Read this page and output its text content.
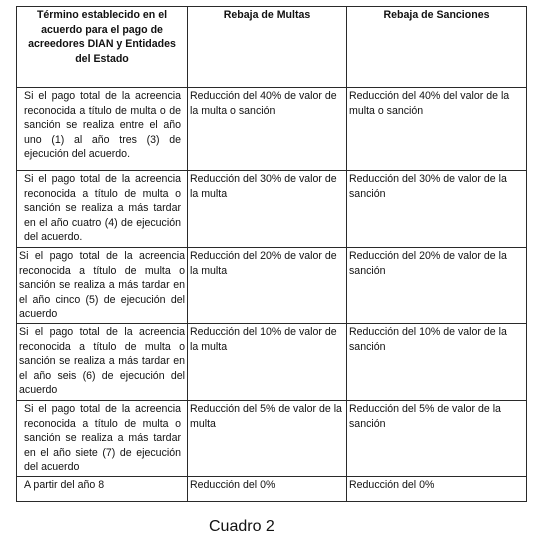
Término establecido en el acuerdo para el pago de acreedores DIAN y Entidades del Estado	Rebaja de Multas	Rebaja de Sanciones
Si el pago total de la acreencia reconocida a título de multa o de sanción se realiza entre el año uno (1) al año tres (3) de ejecución del acuerdo.	Reducción del 40% de valor de la multa o sanción	Reducción del 40% del valor de la multa o sanción
Si el pago total de la acreencia reconocida a título de multa o sanción se realiza a más tardar en el año cuatro (4) de ejecución del acuerdo.	Reducción del 30% de valor de la multa	Reducción del 30% de valor de la sanción
Si el pago total de la acreencia reconocida a título de multa o sanción se realiza a más tardar en el año cinco (5) de ejecución del acuerdo	Reducción del 20% de valor de la multa	Reducción del 20% de valor de la sanción
Si el pago total de la acreencia reconocida a título de multa o sanción se realiza a más tardar en el año seis (6) de ejecución del acuerdo	Reducción del 10% de valor de la multa	Reducción del 10% de valor de la sanción
Si el pago total de la acreencia reconocida a título de multa o sanción se realiza a más tardar en el año siete (7) de ejecución del acuerdo	Reducción del 5% de valor de la multa	Reducción del 5% de valor de la sanción
A partir del año 8	Reducción del 0%	Reducción del 0%
Cuadro 2
